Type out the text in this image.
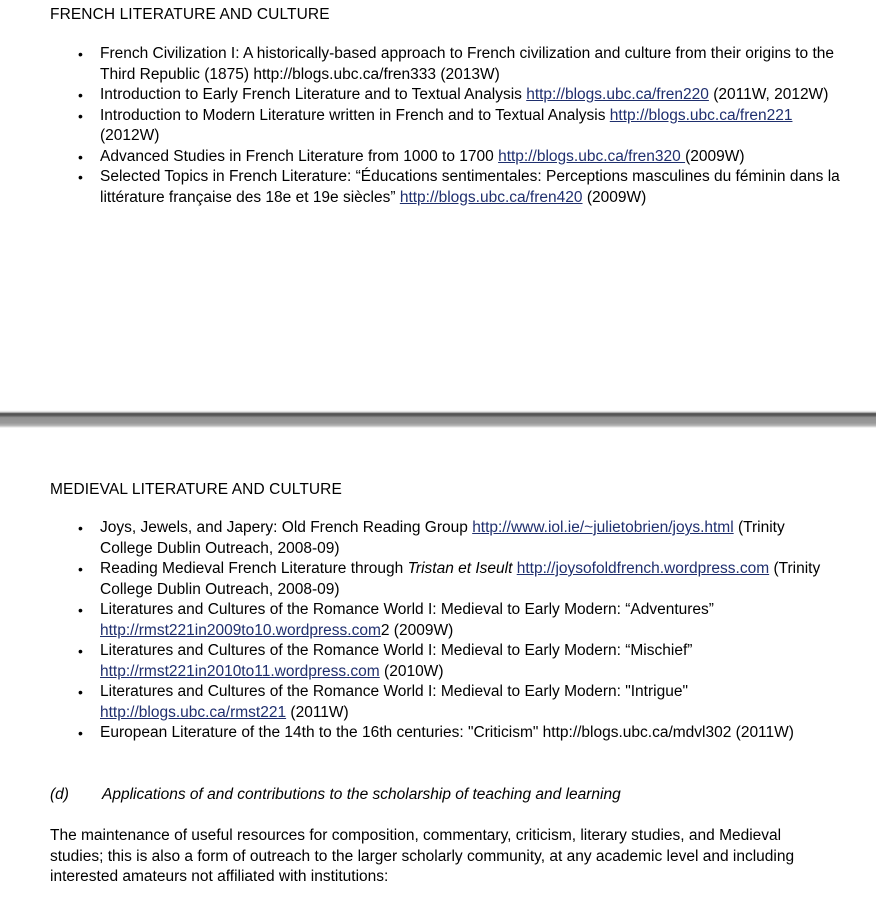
FRENCH LITERATURE AND CULTURE
• French Civilization I: A historically-based approach to French civilization and culture from their origins to the Third Republic (1875) http://blogs.ubc.ca/fren333 (2013W)
• Introduction to Early French Literature and to Textual Analysis http://blogs.ubc.ca/fren220 (2011W, 2012W)
• Introduction to Modern Literature written in French and to Textual Analysis http://blogs.ubc.ca/fren221 (2012W)
• Advanced Studies in French Literature from 1000 to 1700 http://blogs.ubc.ca/fren320 (2009W)
• Selected Topics in French Literature: “Éducations sentimentales: Perceptions masculines du féminin dans la littérature française des 18e et 19e siècles” http://blogs.ubc.ca/fren420 (2009W)
MEDIEVAL LITERATURE AND CULTURE
• Joys, Jewels, and Japery: Old French Reading Group http://www.iol.ie/~julietobrien/joys.html (Trinity College Dublin Outreach, 2008-09)
• Reading Medieval French Literature through Tristan et Iseult http://joysofoldfrench.wordpress.com (Trinity College Dublin Outreach, 2008-09)
• Literatures and Cultures of the Romance World I: Medieval to Early Modern: “Adventures” http://rmst221in2009to10.wordpress.com2 (2009W)
• Literatures and Cultures of the Romance World I: Medieval to Early Modern: “Mischief” http://rmst221in2010to11.wordpress.com (2010W)
• Literatures and Cultures of the Romance World I: Medieval to Early Modern: "Intrigue" http://blogs.ubc.ca/rmst221 (2011W)
• European Literature of the 14th to the 16th centuries: "Criticism" http://blogs.ubc.ca/mdvl302 (2011W)
(d) Applications of and contributions to the scholarship of teaching and learning

The maintenance of useful resources for composition, commentary, criticism, literary studies, and Medieval studies; this is also a form of outreach to the larger scholarly community, at any academic level and including interested amateurs not affiliated with institutions:
